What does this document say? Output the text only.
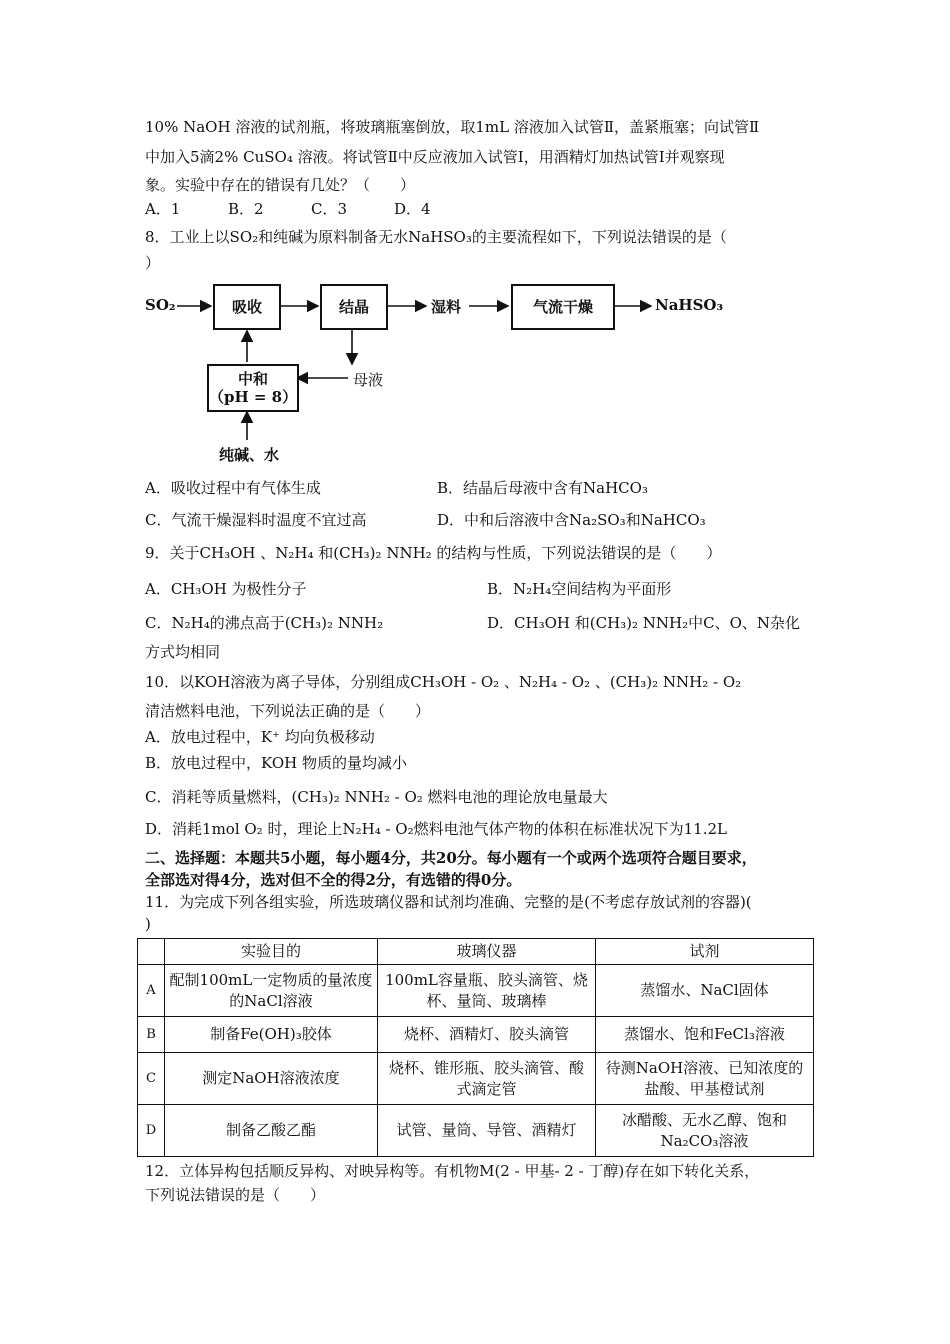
10% NaOH 溶液的试剂瓶，将玻璃瓶塞倒放，取1mL 溶液加入试管Ⅱ，盖紧瓶塞；向试管Ⅱ
中加入5滴2% CuSO₄ 溶液。将试管Ⅱ中反应液加入试管Ⅰ，用酒精灯加热试管Ⅰ并观察现
象。实验中存在的错误有几处？（　　）
A．1	B．2	C．3	D．4
8．工业上以SO₂和纯碱为原料制备无水NaHSO₃的主要流程如下，下列说法错误的是（
）
SO₂	吸收	结晶	湿料	气流干燥	NaHSO₃
中和
（pH = 8）
母液
纯碱、水
A．吸收过程中有气体生成	B．结晶后母液中含有NaHCO₃
C．气流干燥湿料时温度不宜过高	D．中和后溶液中含Na₂SO₃和NaHCO₃
9．关于CH₃OH 、N₂H₄ 和(CH₃)₂ NNH₂ 的结构与性质，下列说法错误的是（　　）
A．CH₃OH 为极性分子	B．N₂H₄空间结构为平面形
C．N₂H₄的沸点高于(CH₃)₂ NNH₂	D．CH₃OH 和(CH₃)₂ NNH₂中C、O、N杂化
方式均相同
10．以KOH溶液为离子导体，分别组成CH₃OH - O₂ 、N₂H₄ - O₂ 、(CH₃)₂ NNH₂ - O₂
清洁燃料电池，下列说法正确的是（　　）
A．放电过程中，K⁺ 均向负极移动
B．放电过程中，KOH 物质的量均减小
C．消耗等质量燃料，(CH₃)₂ NNH₂ - O₂ 燃料电池的理论放电量最大
D．消耗1mol O₂ 时，理论上N₂H₄ - O₂燃料电池气体产物的体积在标准状况下为11.2L
二、选择题：本题共5小题，每小题4分，共20分。每小题有一个或两个选项符合题目要求，
全部选对得4分，选对但不全的得2分，有选错的得0分。
11．为完成下列各组实验，所选玻璃仪器和试剂均准确、完整的是(不考虑存放试剂的容器)(
)
	实验目的	玻璃仪器	试剂
A	配制100mL一定物质的量浓度的NaCl溶液	100mL容量瓶、胶头滴管、烧杯、量筒、玻璃棒	蒸馏水、NaCl固体
B	制备Fe(OH)₃胶体	烧杯、酒精灯、胶头滴管	蒸馏水、饱和FeCl₃溶液
C	测定NaOH溶液浓度	烧杯、锥形瓶、胶头滴管、酸式滴定管	待测NaOH溶液、已知浓度的盐酸、甲基橙试剂
D	制备乙酸乙酯	试管、量筒、导管、酒精灯	冰醋酸、无水乙醇、饱和Na₂CO₃溶液
12．立体异构包括顺反异构、对映异构等。有机物M(2 - 甲基- 2 - 丁醇)存在如下转化关系，
下列说法错误的是（　　）
